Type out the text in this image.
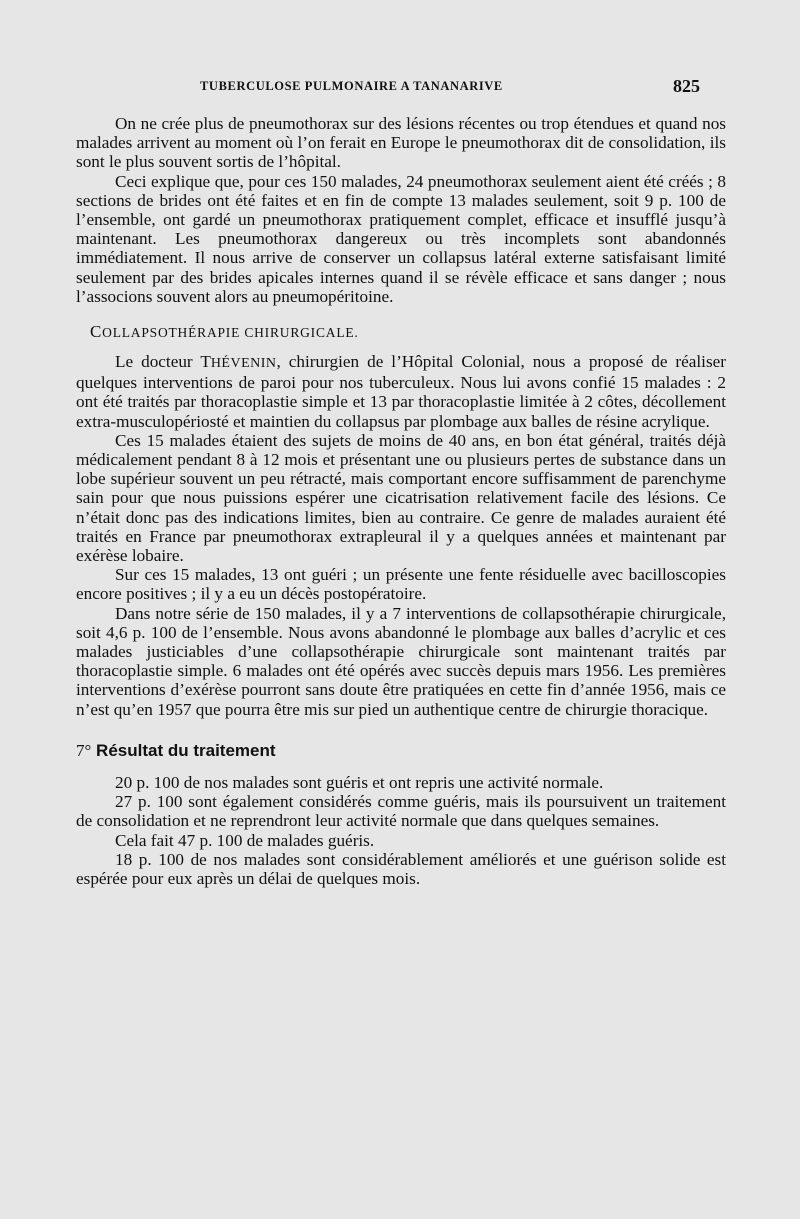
TUBERCULOSE PULMONAIRE A TANANARIVE	825

On ne crée plus de pneumothorax sur des lésions récentes ou trop étendues et quand nos malades arrivent au moment où l’on ferait en Europe le pneumothorax dit de consolidation, ils sont le plus souvent sortis de l’hôpital.

Ceci explique que, pour ces 150 malades, 24 pneumothorax seulement aient été créés ; 8 sections de brides ont été faites et en fin de compte 13 malades seulement, soit 9 p. 100 de l’ensemble, ont gardé un pneumothorax pratiquement complet, efficace et insufflé jusqu’à maintenant. Les pneumothorax dangereux ou très incomplets sont abandonnés immédiatement. Il nous arrive de conserver un collapsus latéral externe satisfaisant limité seulement par des brides apicales internes quand il se révèle efficace et sans danger ; nous l’associons souvent alors au pneumopéritoine.

COLLAPSOTHÉRAPIE CHIRURGICALE.

Le docteur THÉVENIN, chirurgien de l’Hôpital Colonial, nous a proposé de réaliser quelques interventions de paroi pour nos tuberculeux. Nous lui avons confié 15 malades : 2 ont été traités par thoracoplastie simple et 13 par thoracoplastie limitée à 2 côtes, décollement extra-musculopériosté et maintien du collapsus par plombage aux balles de résine acrylique.

Ces 15 malades étaient des sujets de moins de 40 ans, en bon état général, traités déjà médicalement pendant 8 à 12 mois et présentant une ou plusieurs pertes de substance dans un lobe supérieur souvent un peu rétracté, mais comportant encore suffisamment de parenchyme sain pour que nous puissions espérer une cicatrisation relativement facile des lésions. Ce n’était donc pas des indications limites, bien au contraire. Ce genre de malades auraient été traités en France par pneumothorax extrapleural il y a quelques années et maintenant par exérèse lobaire.

Sur ces 15 malades, 13 ont guéri ; un présente une fente résiduelle avec bacilloscopies encore positives ; il y a eu un décès postopératoire.

Dans notre série de 150 malades, il y a 7 interventions de collapsothérapie chirurgicale, soit 4,6 p. 100 de l’ensemble. Nous avons abandonné le plombage aux balles d’acrylic et ces malades justiciables d’une collapsothérapie chirurgicale sont maintenant traités par thoracoplastie simple. 6 malades ont été opérés avec succès depuis mars 1956. Les premières interventions d’exérèse pourront sans doute être pratiquées en cette fin d’année 1956, mais ce n’est qu’en 1957 que pourra être mis sur pied un authentique centre de chirurgie thoracique.

7° Résultat du traitement

20 p. 100 de nos malades sont guéris et ont repris une activité normale.

27 p. 100 sont également considérés comme guéris, mais ils poursuivent un traitement de consolidation et ne reprendront leur activité normale que dans quelques semaines.

Cela fait 47 p. 100 de malades guéris.

18 p. 100 de nos malades sont considérablement améliorés et une guérison solide est espérée pour eux après un délai de quelques mois.
